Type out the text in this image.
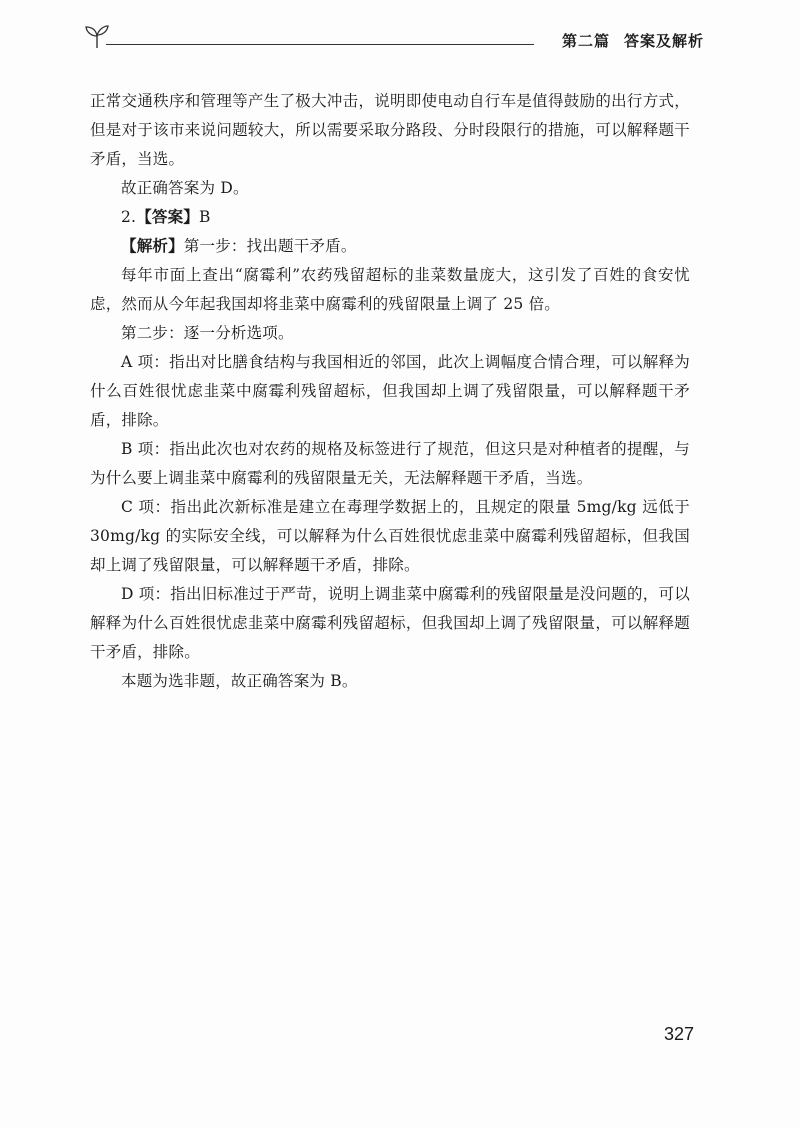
第二篇 答案及解析

正常交通秩序和管理等产生了极大冲击，说明即使电动自行车是值得鼓励的出行方式，但是对于该市来说问题较大，所以需要采取分路段、分时段限行的措施，可以解释题干矛盾，当选。

故正确答案为 D。

2.【答案】B

【解析】第一步：找出题干矛盾。

每年市面上查出“腐霉利”农药残留超标的韭菜数量庞大，这引发了百姓的食安忧虑，然而从今年起我国却将韭菜中腐霉利的残留限量上调了 25 倍。

第二步：逐一分析选项。

A 项：指出对比膳食结构与我国相近的邻国，此次上调幅度合情合理，可以解释为什么百姓很忧虑韭菜中腐霉利残留超标，但我国却上调了残留限量，可以解释题干矛盾，排除。

B 项：指出此次也对农药的规格及标签进行了规范，但这只是对种植者的提醒，与为什么要上调韭菜中腐霉利的残留限量无关，无法解释题干矛盾，当选。

C 项：指出此次新标准是建立在毒理学数据上的，且规定的限量 5mg/kg 远低于 30mg/kg 的实际安全线，可以解释为什么百姓很忧虑韭菜中腐霉利残留超标，但我国却上调了残留限量，可以解释题干矛盾，排除。

D 项：指出旧标准过于严苛，说明上调韭菜中腐霉利的残留限量是没问题的，可以解释为什么百姓很忧虑韭菜中腐霉利残留超标，但我国却上调了残留限量，可以解释题干矛盾，排除。

本题为选非题，故正确答案为 B。

327
